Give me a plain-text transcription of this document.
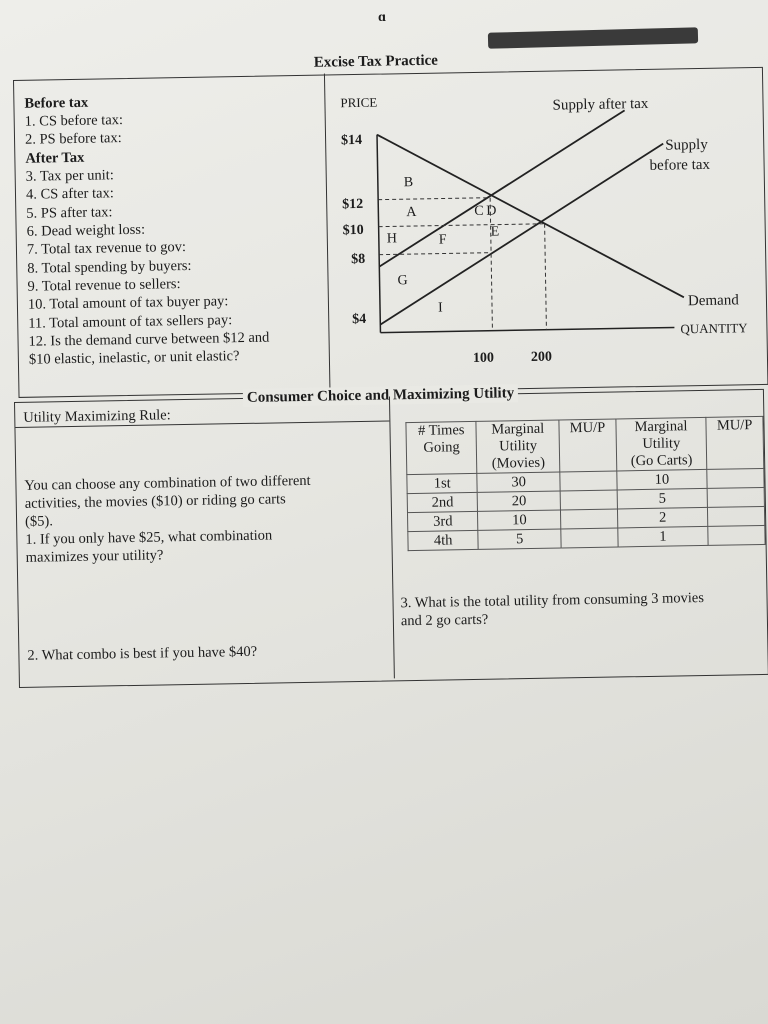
ɑ
Excise Tax Practice
Before tax
1. CS before tax:
2. PS before tax:
After Tax
3. Tax per unit:
4. CS after tax:
5. PS after tax:
6. Dead weight loss:
7. Total tax revenue to gov:
8. Total spending by buyers:
9. Total revenue to sellers:
10. Total amount of tax buyer pay:
11. Total amount of tax sellers pay:
12. Is the demand curve between $12 and
$10 elastic, inelastic, or unit elastic?
PRICE
$14
$12
$10
$8
$4
100	200
Supply after tax
Supply
before tax
Demand
QUANTITY
B
A	C D
H	F
E
G
I
Consumer Choice and Maximizing Utility
Utility Maximizing Rule:
You can choose any combination of two different
activities, the movies ($10) or riding go carts
($5).
1. If you only have $25, what combination
maximizes your utility?
2. What combo is best if you have $40?
3. What is the total utility from consuming 3 movies
and 2 go carts?
# Times
Going	Marginal
Utility
(Movies)	MU/P	Marginal
Utility
(Go Carts)	MU/P
1st	30		10	
2nd	20		5	
3rd	10		2	
4th	5		1	
